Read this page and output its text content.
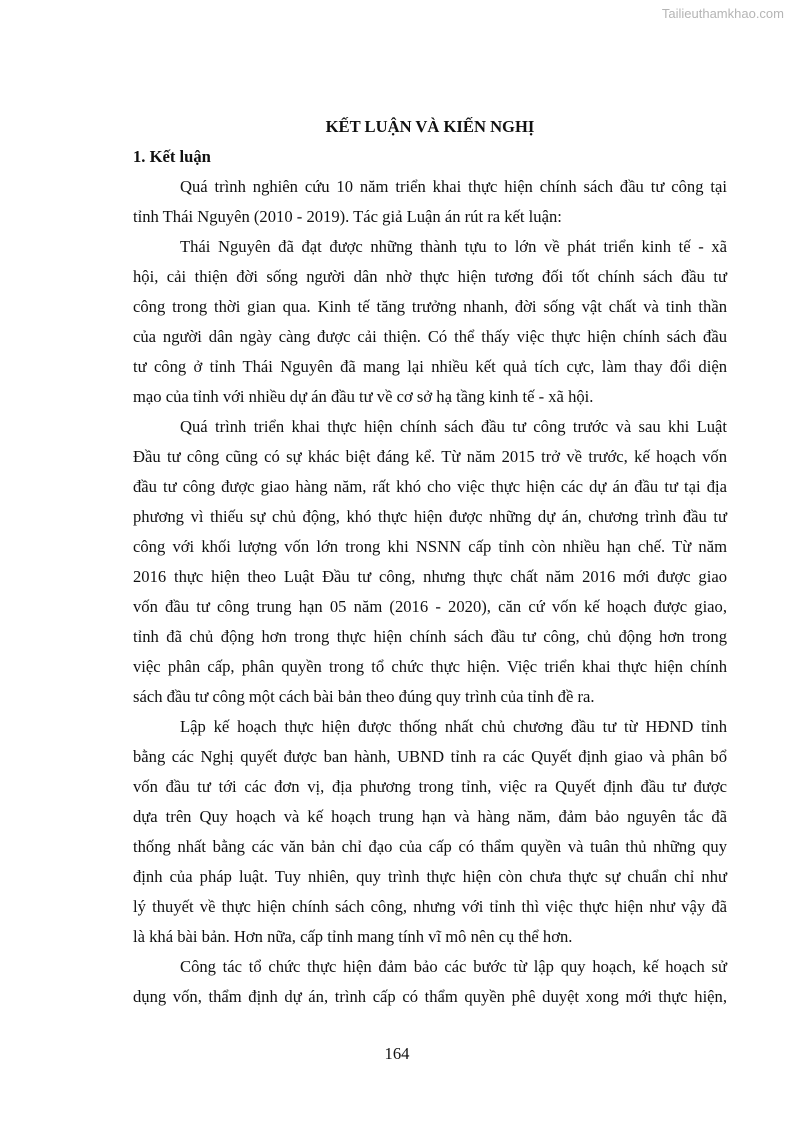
Tailieuthamkhao.com
KẾT LUẬN VÀ KIẾN NGHỊ
1. Kết luận
Quá trình nghiên cứu 10 năm triển khai thực hiện chính sách đầu tư công tại
tỉnh Thái Nguyên (2010 - 2019). Tác giả Luận án rút ra kết luận:
Thái Nguyên đã đạt được những thành tựu to lớn về phát triển kinh tế - xã
hội, cải thiện đời sống người dân nhờ thực hiện tương đối tốt chính sách đầu tư
công trong thời gian qua. Kinh tế tăng trưởng nhanh, đời sống vật chất và tinh thần
của người dân ngày càng được cải thiện. Có thể thấy việc thực hiện chính sách đầu
tư công ở tỉnh Thái Nguyên đã mang lại nhiều kết quả tích cực, làm thay đổi diện
mạo của tỉnh với nhiều dự án đầu tư về cơ sở hạ tầng kinh tế - xã hội.
Quá trình triển khai thực hiện chính sách đầu tư công trước và sau khi Luật
Đầu tư công cũng có sự khác biệt đáng kể. Từ năm 2015 trở về trước, kế hoạch vốn
đầu tư công được giao hàng năm, rất khó cho việc thực hiện các dự án đầu tư tại địa
phương vì thiếu sự chủ động, khó thực hiện được những dự án, chương trình đầu tư
công với khối lượng vốn lớn trong khi NSNN cấp tỉnh còn nhiều hạn chế. Từ năm
2016 thực hiện theo Luật Đầu tư công, nhưng thực chất năm 2016 mới được giao
vốn đầu tư công trung hạn 05 năm (2016 - 2020), căn cứ vốn kế hoạch được giao,
tỉnh đã chủ động hơn trong thực hiện chính sách đầu tư công, chủ động hơn trong
việc phân cấp, phân quyền trong tổ chức thực hiện. Việc triển khai thực hiện chính
sách đầu tư công một cách bài bản theo đúng quy trình của tỉnh đề ra.
Lập kế hoạch thực hiện được thống nhất chủ chương đầu tư từ HĐND tỉnh
bằng các Nghị quyết được ban hành, UBND tỉnh ra các Quyết định giao và phân bổ
vốn đầu tư tới các đơn vị, địa phương trong tỉnh, việc ra Quyết định đầu tư được
dựa trên Quy hoạch và kế hoạch trung hạn và hàng năm, đảm bảo nguyên tắc đã
thống nhất bằng các văn bản chỉ đạo của cấp có thẩm quyền và tuân thủ những quy
định của pháp luật. Tuy nhiên, quy trình thực hiện còn chưa thực sự chuẩn chỉ như
lý thuyết về thực hiện chính sách công, nhưng với tỉnh thì việc thực hiện như vậy đã
là khá bài bản. Hơn nữa, cấp tỉnh mang tính vĩ mô nên cụ thể hơn.
Công tác tổ chức thực hiện đảm bảo các bước từ lập quy hoạch, kế hoạch sử
dụng vốn, thẩm định dự án, trình cấp có thẩm quyền phê duyệt xong mới thực hiện,
164
